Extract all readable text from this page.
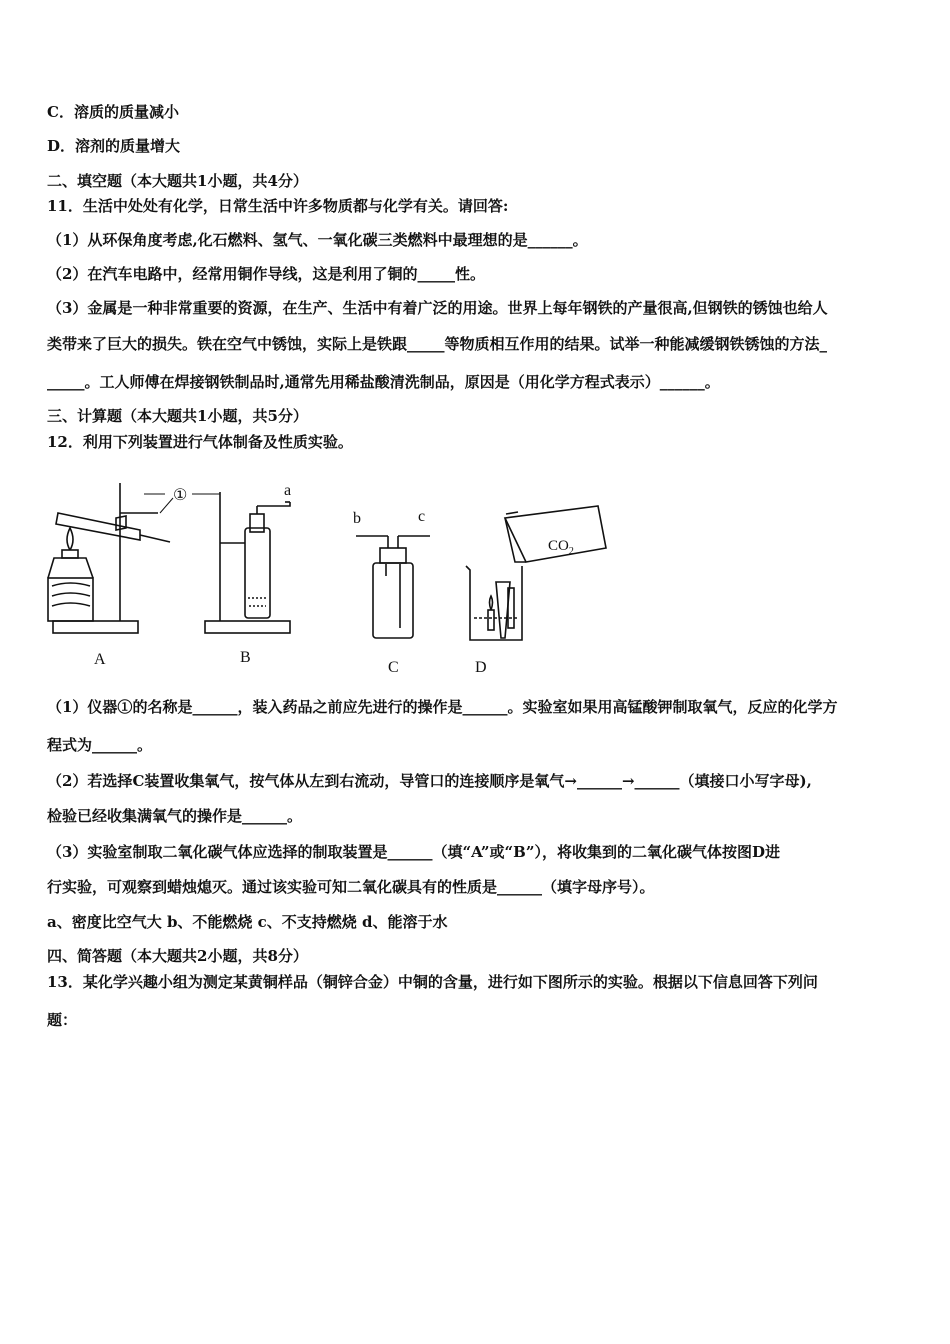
C．溶质的质量减小
D．溶剂的质量增大
二、填空题（本大题共1小题，共4分）
11．生活中处处有化学，日常生活中许多物质都与化学有关。请回答:
（1）从环保角度考虑,化石燃料、氢气、一氧化碳三类燃料中最理想的是______。
（2）在汽车电路中，经常用铜作导线，这是利用了铜的_____性。
（3）金属是一种非常重要的资源，在生产、生活中有着广泛的用途。世界上每年钢铁的产量很高,但钢铁的锈蚀也给人
类带来了巨大的损失。铁在空气中锈蚀，实际上是铁跟_____等物质相互作用的结果。试举一种能减缓钢铁锈蚀的方法_
_____。工人师傅在焊接钢铁制品时,通常先用稀盐酸清洗制品，原因是（用化学方程式表示）______。
三、计算题（本大题共1小题，共5分）
12．利用下列装置进行气体制备及性质实验。
①	a
b	c
$CO_2$
A	B
C	D
（1）仪器①的名称是______，装入药品之前应先进行的操作是______。实验室如果用高锰酸钾制取氧气，反应的化学方
程式为______。
（2）若选择C装置收集氧气，按气体从左到右流动，导管口的连接顺序是氧气→______→______（填接口小写字母),
检验已经收集满氧气的操作是______。
（3）实验室制取二氧化碳气体应选择的制取装置是______（填“A”或“B”），将收集到的二氧化碳气体按图D进
行实验，可观察到蜡烛熄灭。通过该实验可知二氧化碳具有的性质是______（填字母序号）。
a、密度比空气大 b、不能燃烧 c、不支持燃烧 d、能溶于水
四、简答题（本大题共2小题，共8分）
13．某化学兴趣小组为测定某黄铜样品（铜锌合金）中铜的含量，进行如下图所示的实验。根据以下信息回答下列问
题：
